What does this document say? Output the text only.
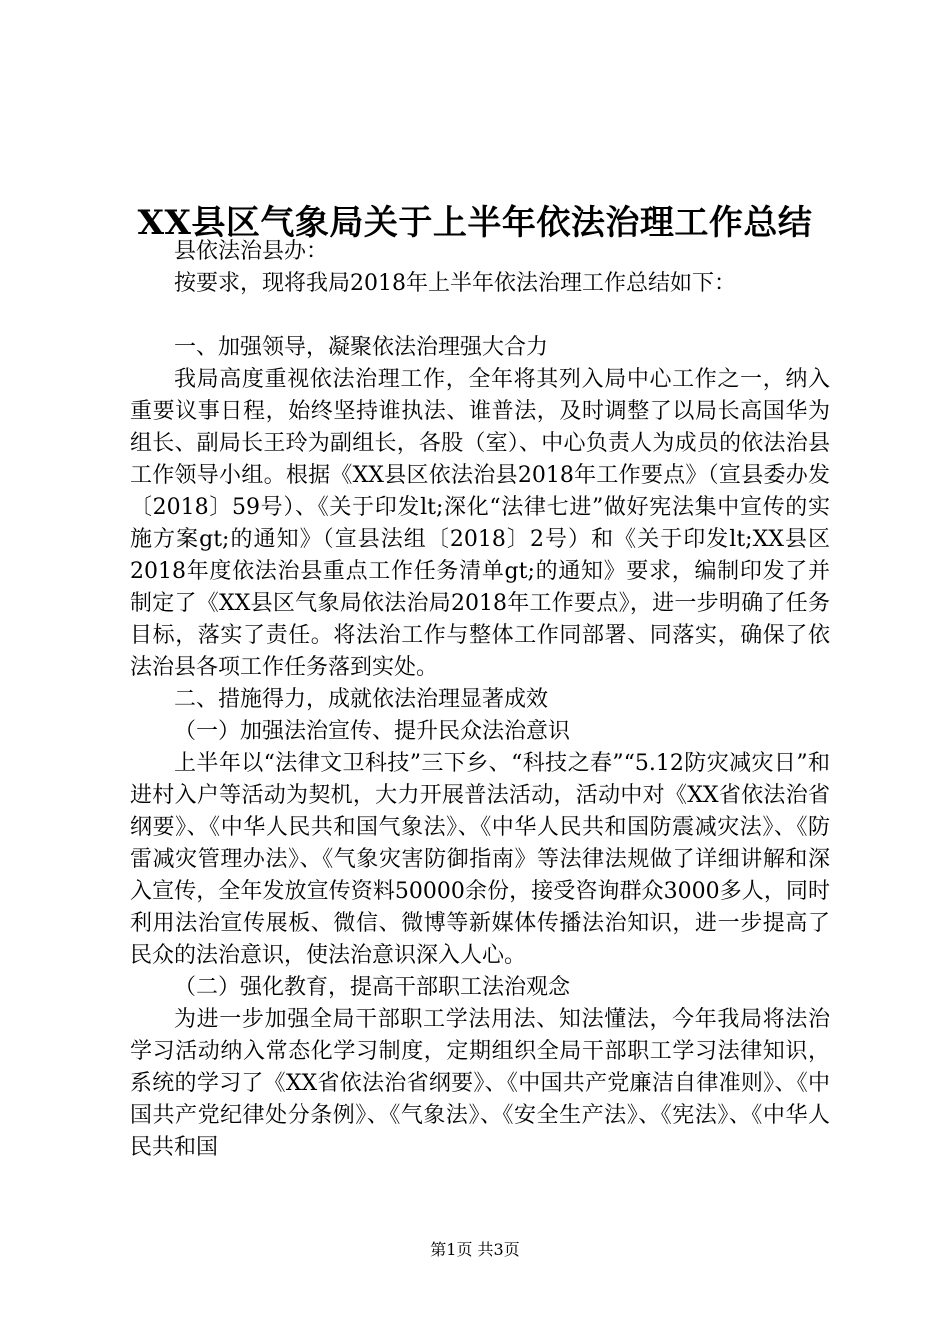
XX县区气象局关于上半年依法治理工作总结

县依法治县办：

按要求，现将我局2018年上半年依法治理工作总结如下：

一、加强领导，凝聚依法治理强大合力

我局高度重视依法治理工作，全年将其列入局中心工作之一，纳入重要议事日程，始终坚持谁执法、谁普法，及时调整了以局长高国华为组长、副局长王玲为副组长，各股（室）、中心负责人为成员的依法治县工作领导小组。根据《XX县区依法治县2018年工作要点》（宣县委办发〔2018〕59号）、《关于印发lt;深化“法律七进”做好宪法集中宣传的实施方案gt;的通知》（宣县法组〔2018〕2号）和《关于印发lt;XX县区2018年度依法治县重点工作任务清单gt;的通知》要求，编制印发了并制定了《XX县区气象局依法治局2018年工作要点》，进一步明确了任务目标，落实了责任。将法治工作与整体工作同部署、同落实，确保了依法治县各项工作任务落到实处。

二、措施得力，成就依法治理显著成效

（一）加强法治宣传、提升民众法治意识

上半年以“法律文卫科技”三下乡、“科技之春”“5.12防灾减灾日”和进村入户等活动为契机，大力开展普法活动，活动中对《XX省依法治省纲要》、《中华人民共和国气象法》、《中华人民共和国防震减灾法》、《防雷减灾管理办法》、《气象灾害防御指南》等法律法规做了详细讲解和深入宣传，全年发放宣传资料50000余份，接受咨询群众3000多人，同时利用法治宣传展板、微信、微博等新媒体传播法治知识，进一步提高了民众的法治意识，使法治意识深入人心。

（二）强化教育，提高干部职工法治观念

为进一步加强全局干部职工学法用法、知法懂法，今年我局将法治学习活动纳入常态化学习制度，定期组织全局干部职工学习法律知识，系统的学习了《XX省依法治省纲要》、《中国共产党廉洁自律准则》、《中国共产党纪律处分条例》、《气象法》、《安全生产法》、《宪法》、《中华人民共和国

第1页 共3页
